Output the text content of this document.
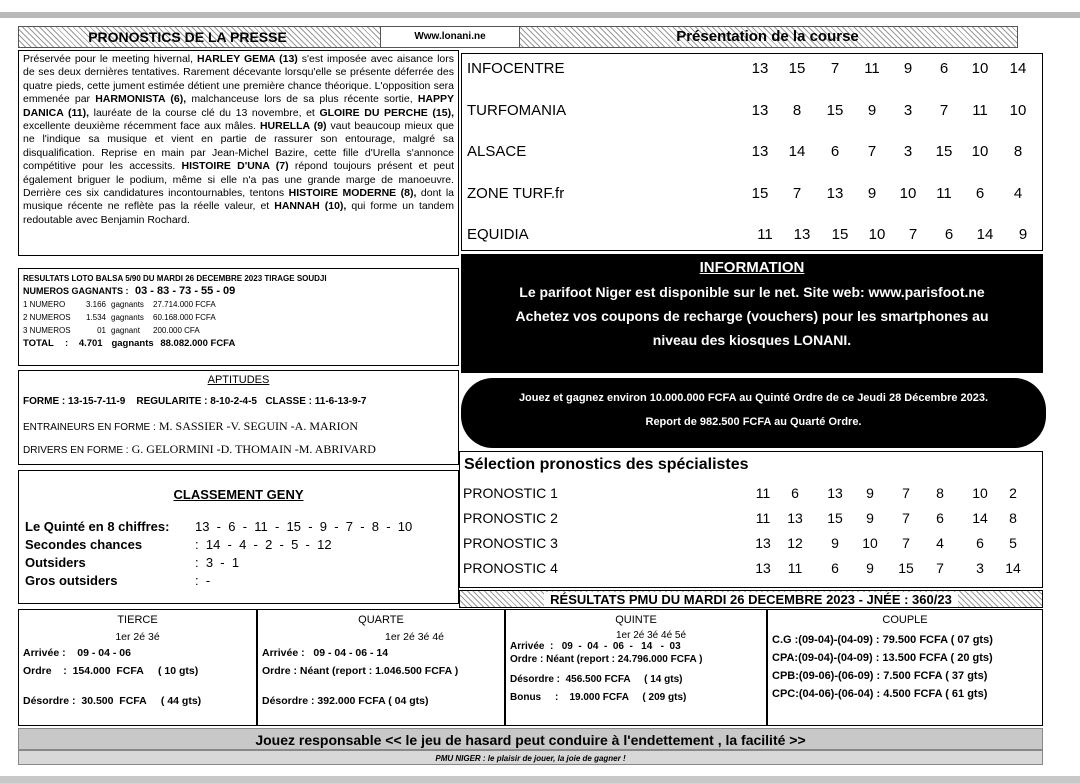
PRONOSTICS DE LA PRESSE	Www.lonani.ne	Présentation de la course
Préservée pour le meeting hivernal, HARLEY GEMA (13) s'est imposée avec aisance lors de ses deux dernières tentatives. Rarement décevante lorsqu'elle se présente déferrée des quatre pieds, cette jument estimée détient une première chance théorique. L'opposition sera emmenée par HARMONISTA (6), malchanceuse lors de sa plus récente sortie, HAPPY DANICA (11), lauréate de la course clé du 13 novembre, et GLOIRE DU PERCHE (15), excellente deuxième récemment face aux mâles. HURELLA (9) vaut beaucoup mieux que ne l'indique sa musique et vient en partie de rassurer son entourage, malgré sa disqualification. Reprise en main par Jean-Michel Bazire, cette fille d'Urella s'annonce compétitive pour les accessits. HISTOIRE D'UNA (7) répond toujours présent et peut également briguer le podium, même si elle n'a pas une grande marge de manoeuvre. Derrière ces six candidatures incontournables, tentons HISTOIRE MODERNE (8), dont la musique récente ne reflète pas la réelle valeur, et HANNAH (10), qui forme un tandem redoutable avec Benjamin Rochard.
RESULTATS LOTO BALSA 5/90 DU MARDI 26 DECEMBRE 2023 TIRAGE SOUDJI
NUMEROS GAGNANTS : 03 - 83 - 73 - 55 - 09
1 NUMERO	3.166 gagnants 27.714.000 FCFA
2 NUMEROS 1.534 gagnants 60.168.000 FCFA
3 NUMEROS	01 gagnant 200.000 CFA
TOTAL : 4.701 gagnants 88.082.000 FCFA
APTITUDES
FORME : 13-15-7-11-9 REGULARITE : 8-10-2-4-5 CLASSE : 11-6-13-9-7
ENTRAINEURS EN FORME : M. SASSIER -V. SEGUIN -A. MARION
DRIVERS EN FORME : G. GELORMINI -D. THOMAIN -M. ABRIVARD
CLASSEMENT GENY
Le Quinté en 8 chiffres: 13  -  6  -  11  -  15  -  9  -  7  -  8  -  10
Secondes chances	:  14  -  4  -  2  -  5  -  12
Outsiders	:  3  -  1
Gros outsiders	:  -
INFOCENTRE	13	15	7	11	9	6	10	14
TURFOMANIA	13	8	15	9	3	7	11	10
ALSACE	13	14	6	7	3	15	10	8
ZONE TURF.fr	15	7	13	9	10	11	6	4
EQUIDIA	11	13	15	10	7	6	14	9
INFORMATION
Le parifoot Niger est disponible sur le net. Site web: www.parisfoot.ne
Achetez vos coupons de recharge (vouchers) pour les smartphones au
niveau des kiosques LONANI.
Jouez et gagnez environ 10.000.000 FCFA au Quinté Ordre de ce Jeudi 28 Décembre 2023.
Report de 982.500 FCFA au Quarté Ordre.
Sélection pronostics des spécialistes
PRONOSTIC 1	11	6	13	9	7	8	10	2
PRONOSTIC 2	11	13	15	9	7	6	14	8
PRONOSTIC 3	13	12	9	10	7	4	6	5
PRONOSTIC 4	13	11	6	9	15	7	3	14
RÉSULTATS PMU DU MARDI 26 DECEMBRE 2023 - JNÉE : 360/23
TIERCE
1er 2é 3é
Arrivée : 09 - 04 - 06
Ordre    :  154.000  FCFA     ( 10 gts)
Désordre :  30.500  FCFA     ( 44 gts)
QUARTE
1er 2é 3é 4é
Arrivée : 09 - 04 - 06 - 14
Ordre : Néant (report : 1.046.500 FCFA )
Désordre : 392.000 FCFA ( 04 gts)
QUINTE
1er 2é 3é 4é 5é
Arrivée  : 09  -  04  -  06  -   14   -  03
Ordre : Néant (report : 24.796.000 FCFA )
Désordre :  456.500 FCFA     ( 14 gts)
Bonus     :    19.000 FCFA     ( 209 gts)
COUPLE
C.G :(09-04)-(04-09) : 79.500 FCFA ( 07 gts)
CPA:(09-04)-(04-09) : 13.500 FCFA ( 20 gts)
CPB:(09-06)-(06-09) : 7.500 FCFA ( 37 gts)
CPC:(04-06)-(06-04) : 4.500 FCFA ( 61 gts)
Jouez responsable << le jeu de hasard peut conduire à l'endettement , la facilité >>
PMU NIGER : le plaisir de jouer, la joie de gagner !
